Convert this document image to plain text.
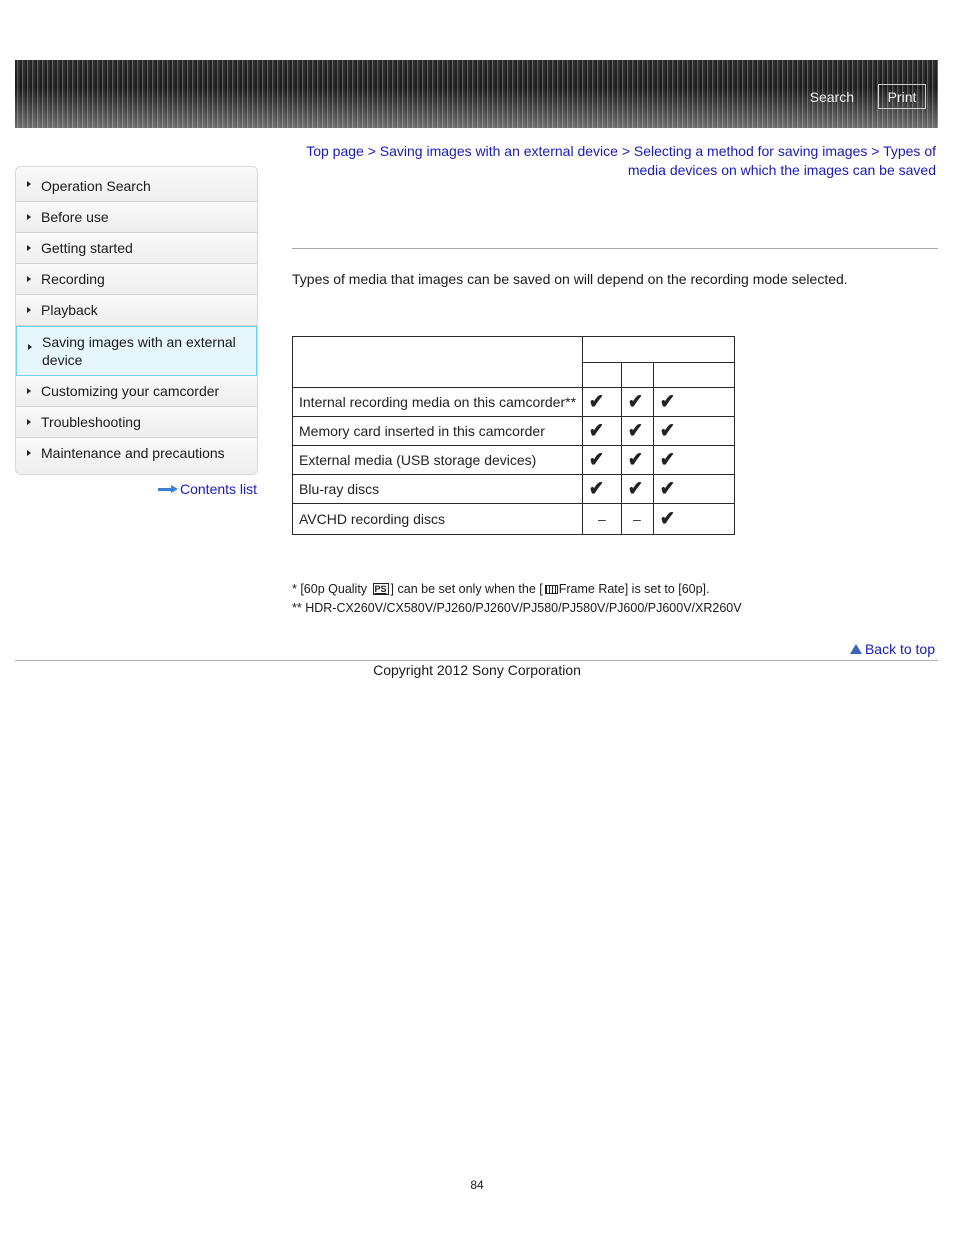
Search	Print
Operation Search
Before use
Getting started
Recording
Playback
Saving images with an external device
Customizing your camcorder
Troubleshooting
Maintenance and precautions
Contents list
Top page > Saving images with an external device > Selecting a method for saving images > Types of media devices on which the images can be saved
Types of media that images can be saved on will depend on the recording mode selected.

Internal recording media on this camcorder**	✔	✔	✔
Memory card inserted in this camcorder	✔	✔	✔
External media (USB storage devices)	✔	✔	✔
Blu-ray discs	✔	✔	✔
AVCHD recording discs	–	–	✔
* [60p Quality PS ] can be set only when the [ Frame Rate] is set to [60p].
** HDR-CX260V/CX580V/PJ260/PJ260V/PJ580/PJ580V/PJ600/PJ600V/XR260V
Back to top
Copyright 2012 Sony Corporation
84
